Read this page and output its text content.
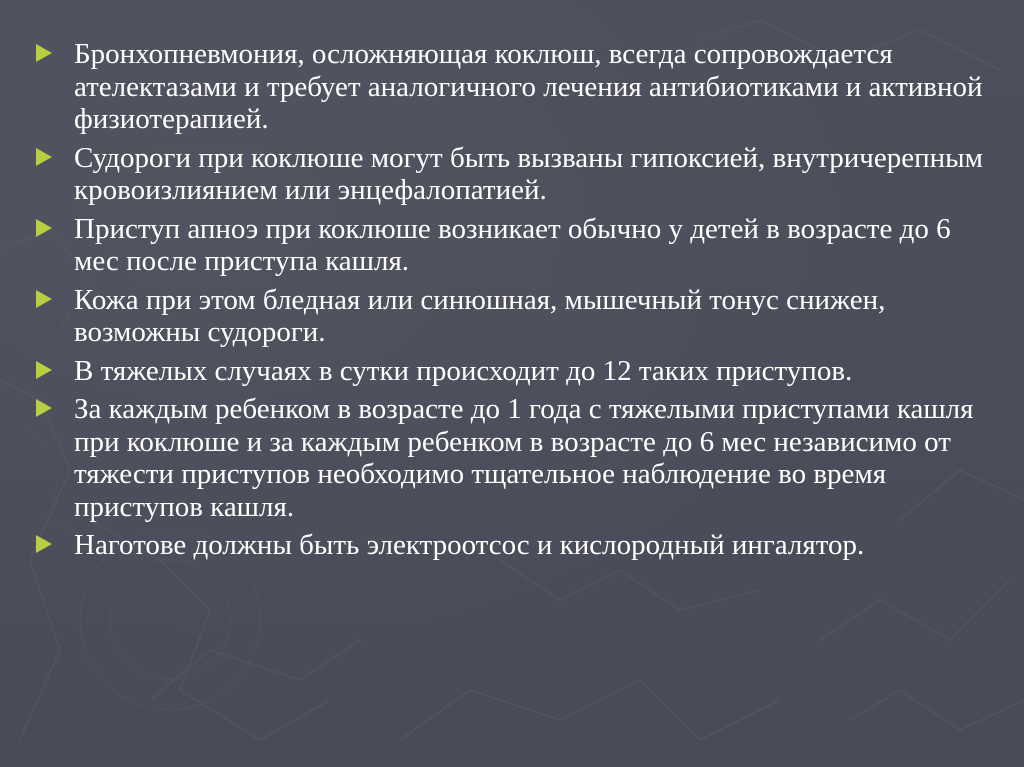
Бронхопневмония, осложняющая коклюш, всегда сопровождается ателектазами и требует аналогичного лечения антибиотиками и активной физиотерапией.
Судороги при коклюше могут быть вызваны гипоксией, внутричерепным кровоизлиянием или энцефалопатией.
Приступ апноэ при коклюше возникает обычно у детей в возрасте до 6 мес после приступа кашля.
Кожа при этом бледная или синюшная, мышечный тонус снижен, возможны судороги.
В тяжелых случаях в сутки происходит до 12 таких приступов.
За каждым ребенком в возрасте до 1 года с тяжелыми приступами кашля при коклюше и за каждым ребенком в возрасте до 6 мес независимо от тяжести приступов необходимо тщательное наблюдение во время приступов кашля.
Наготове должны быть электроотсос и кислородный ингалятор.
